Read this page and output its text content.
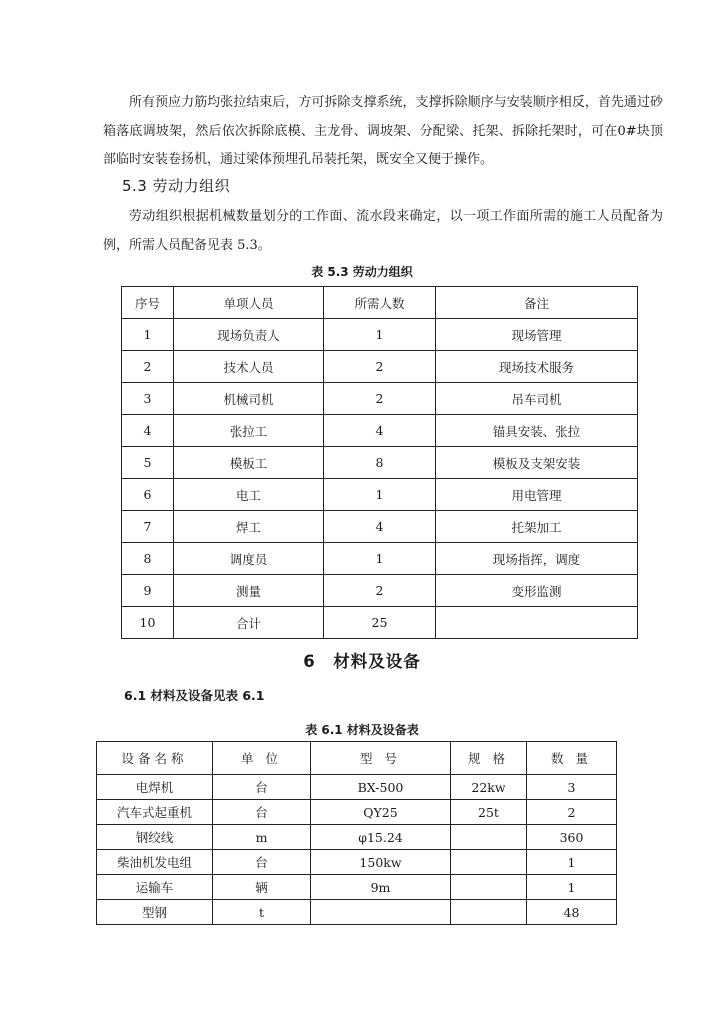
所有预应力筋均张拉结束后，方可拆除支撑系统，支撑拆除顺序与安装顺序相反，首先通过砂箱落底调坡架，然后依次拆除底模、主龙骨、调坡架、分配梁、托架、拆除托架时，可在0#块顶部临时安装卷扬机，通过梁体预埋孔吊装托架，既安全又便于操作。

5.3 劳动力组织

劳动组织根据机械数量划分的工作面、流水段来确定，以一项工作面所需的施工人员配备为例，所需人员配备见表 5.3。

表 5.3 劳动力组织

序号	单项人员	所需人数	备注
1	现场负责人	1	现场管理
2	技术人员	2	现场技术服务
3	机械司机	2	吊车司机
4	张拉工	4	锚具安装、张拉
5	模板工	8	模板及支架安装
6	电工	1	用电管理
7	焊工	4	托架加工
8	调度员	1	现场指挥，调度
9	测量	2	变形监测
10	合计	25	
6　材料及设备
6.1 材料及设备见表 6.1

表 6.1 材料及设备表

设备名称	单 位	型 号	规 格	数 量
电焊机	台	BX-500	22kw	3
汽车式起重机	台	QY25	25t	2
钢绞线	m	φ15.24		360
柴油机发电组	台	150kw		1
运输车	辆	9m		1
型钢	t			48
